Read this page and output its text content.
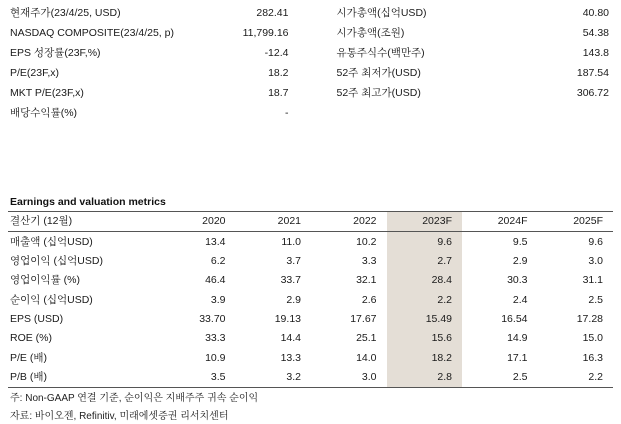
현재주가(23/4/25, USD)	282.41
NASDAQ COMPOSITE(23/4/25, p)	11,799.16
EPS 성장률(23F,%)	-12.4
P/E(23F,x)	18.2
MKT P/E(23F,x)	18.7
배당수익률(%)	-
시가총액(십억USD)	40.80
시가총액(조원)	54.38
유통주식수(백만주)	143.8
52주 최저가(USD)	187.54
52주 최고가(USD)	306.72

Earnings and valuation metrics
결산기 (12월)	2020	2021	2022	2023F	2024F	2025F
매출액 (십억USD)	13.4	11.0	10.2	9.6	9.5	9.6
영업이익 (십억USD)	6.2	3.7	3.3	2.7	2.9	3.0
영업이익률 (%)	46.4	33.7	32.1	28.4	30.3	31.1
순이익 (십억USD)	3.9	2.9	2.6	2.2	2.4	2.5
EPS (USD)	33.70	19.13	17.67	15.49	16.54	17.28
ROE (%)	33.3	14.4	25.1	15.6	14.9	15.0
P/E (배)	10.9	13.3	14.0	18.2	17.1	16.3
P/B (배)	3.5	3.2	3.0	2.8	2.5	2.2
주: Non-GAAP 연결 기준, 순이익은 지배주주 귀속 순이익
자료: 바이오젠, Refinitiv, 미래에셋증권 리서치센터
